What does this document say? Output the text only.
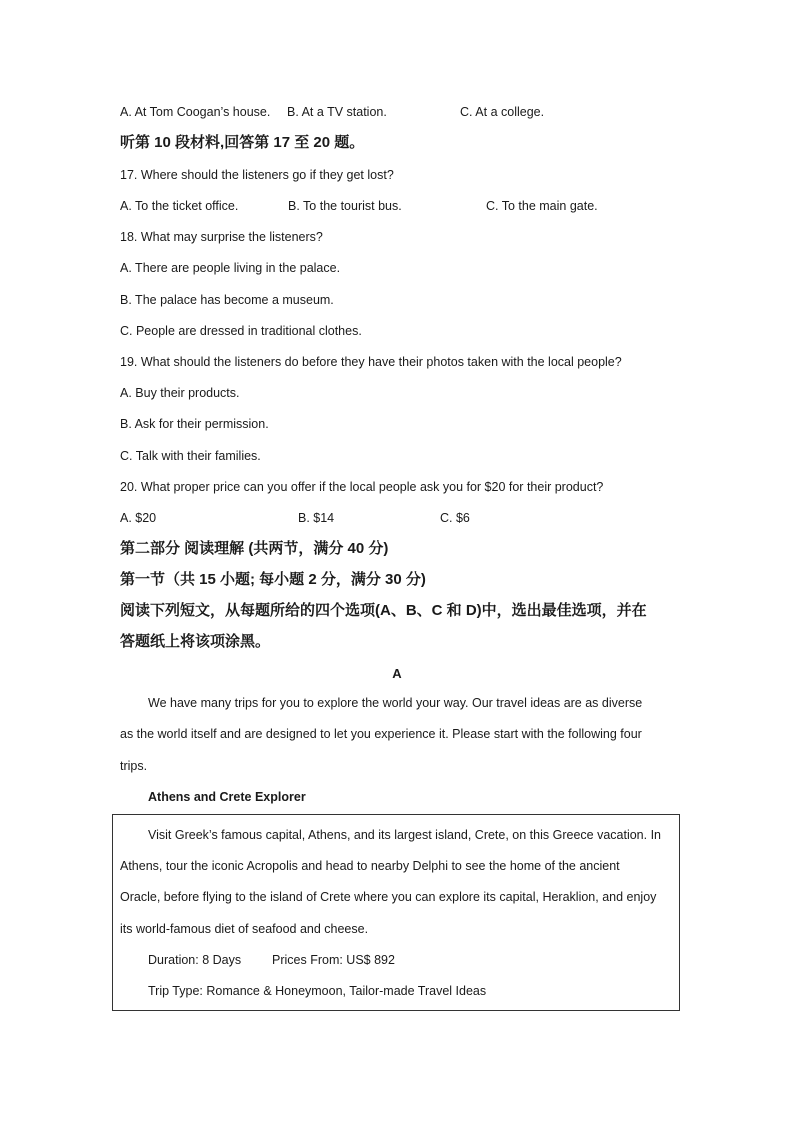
A. At Tom Coogan’s house. B. At a TV station.	C. At a college.
听第 10 段材料,回答第 17 至 20 题。
17. Where should the listeners go if they get lost?
A. To the ticket office.	B. To the tourist bus.	C. To the main gate.
18. What may surprise the listeners?
A. There are people living in the palace.
B. The palace has become a museum.
C. People are dressed in traditional clothes.
19. What should the listeners do before they have their photos taken with the local people?
A. Buy their products.
B. Ask for their permission.
C. Talk with their families.
20. What proper price can you offer if the local people ask you for $20 for their product?
A. $20	B. $14	C. $6
第二部分 阅读理解 (共两节，满分 40 分)
第一节（共 15 小题; 每小题 2 分，满分 30 分)
阅读下列短文，从每题所给的四个选项(A、B、C 和 D)中，选出最佳选项，并在
答题纸上将该项涂黑。
A
We have many trips for you to explore the world your way. Our travel ideas are as diverse
as the world itself and are designed to let you experience it. Please start with the following four
trips.
Athens and Crete Explorer
Visit Greek’s famous capital, Athens, and its largest island, Crete, on this Greece vacation. In
Athens, tour the iconic Acropolis and head to nearby Delphi to see the home of the ancient
Oracle, before flying to the island of Crete where you can explore its capital, Heraklion, and enjoy
its world-famous diet of seafood and cheese.
Duration: 8 Days Prices From: US$ 892
Trip Type: Romance & Honeymoon, Tailor-made Travel Ideas
